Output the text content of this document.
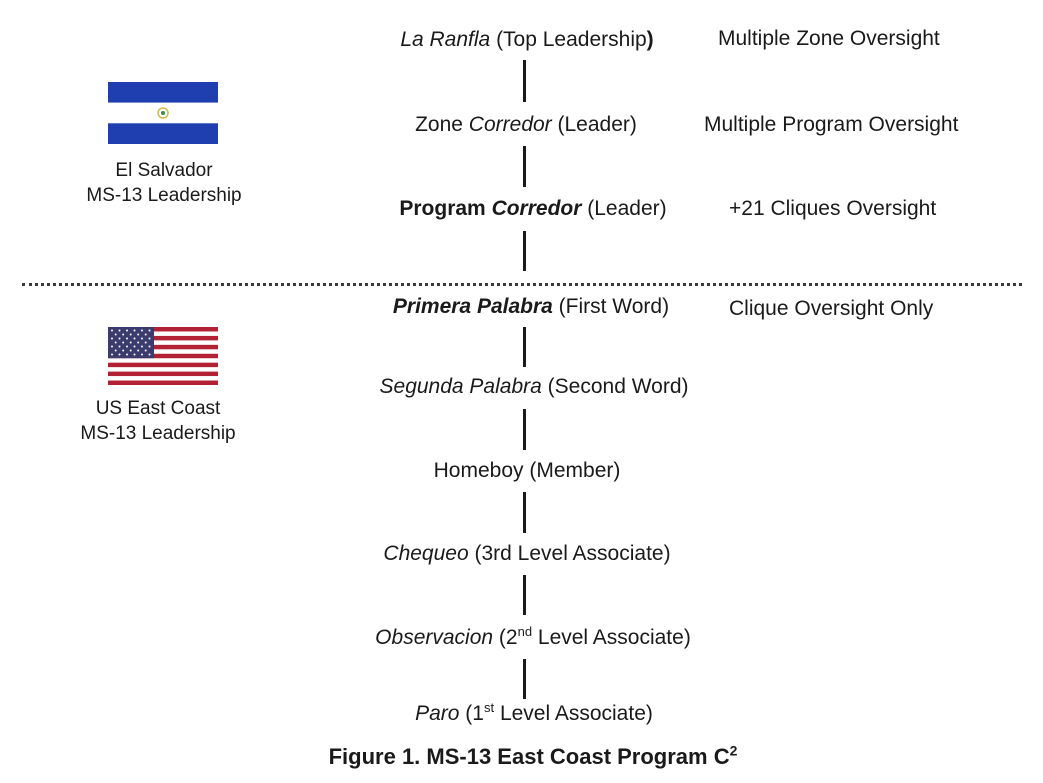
El Salvador
MS-13 Leadership
US East Coast
MS-13 Leadership
La Ranfla (Top Leadership)
Zone Corredor (Leader)
Program Corredor (Leader)
Primera Palabra (First Word)
Segunda Palabra (Second Word)
Homeboy (Member)
Chequeo (3rd Level Associate)
Observacion (2nd Level Associate)
Paro (1st Level Associate)
Multiple Zone Oversight
Multiple Program Oversight
+21 Cliques Oversight
Clique Oversight Only
Figure 1. MS-13 East Coast Program $C^2$
